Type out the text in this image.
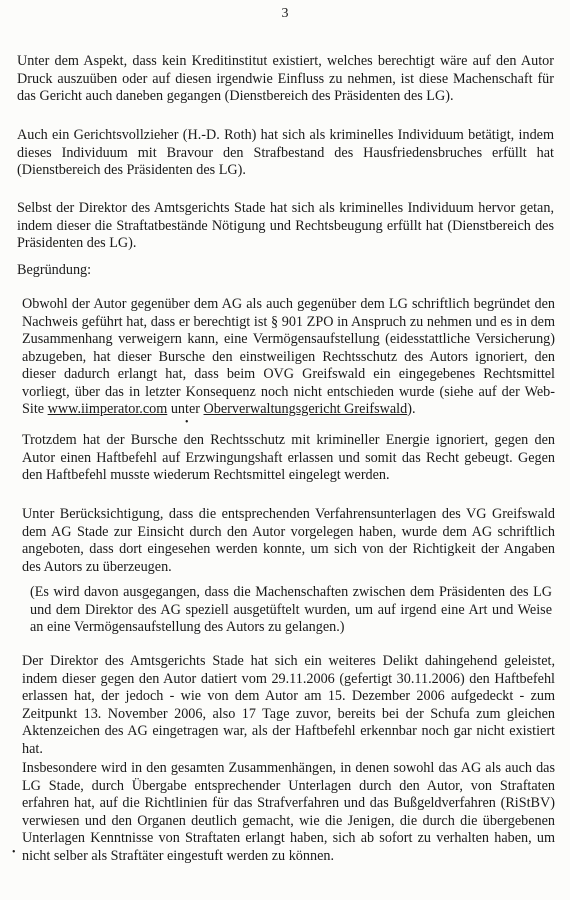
3

Unter dem Aspekt, dass kein Kreditinstitut existiert, welches berechtigt wäre auf den Autor Druck auszuüben oder auf diesen irgendwie Einfluss zu nehmen, ist diese Machenschaft für das Gericht auch daneben gegangen (Dienstbereich des Präsidenten des LG).

Auch ein Gerichtsvollzieher (H.-D. Roth) hat sich als kriminelles Individuum betätigt, indem dieses Individuum mit Bravour den Strafbestand des Hausfriedensbruches erfüllt hat (Dienstbereich des Präsidenten des LG).

Selbst der Direktor des Amtsgerichts Stade hat sich als kriminelles Individuum hervor getan, indem dieser die Straftatbestände Nötigung und Rechtsbeugung erfüllt hat (Dienstbereich des Präsidenten des LG).

Begründung:

Obwohl der Autor gegenüber dem AG als auch gegenüber dem LG schriftlich begründet den Nachweis geführt hat, dass er berechtigt ist § 901 ZPO in Anspruch zu nehmen und es in dem Zusammenhang verweigern kann, eine Vermögensaufstellung (eidesstattliche Versicherung) abzugeben, hat dieser Bursche den einstweiligen Rechtsschutz des Autors ignoriert, den dieser dadurch erlangt hat, dass beim OVG Greifswald ein eingegebenes Rechtsmittel vorliegt, über das in letzter Konsequenz noch nicht entschieden wurde (siehe auf der Web-Site www.iimperator.com unter Oberverwaltungsgericht Greifswald).

•

Trotzdem hat der Bursche den Rechtsschutz mit krimineller Energie ignoriert, gegen den Autor einen Haftbefehl auf Erzwingungshaft erlassen und somit das Recht gebeugt. Gegen den Haftbefehl musste wiederum Rechtsmittel eingelegt werden.

Unter Berücksichtigung, dass die entsprechenden Verfahrensunterlagen des VG Greifswald dem AG Stade zur Einsicht durch den Autor vorgelegen haben, wurde dem AG schriftlich angeboten, dass dort eingesehen werden konnte, um sich von der Richtigkeit der Angaben des Autors zu überzeugen.

(Es wird davon ausgegangen, dass die Machenschaften zwischen dem Präsidenten des LG und dem Direktor des AG speziell ausgetüftelt wurden, um auf irgend eine Art und Weise an eine Vermögensaufstellung des Autors zu gelangen.)

Der Direktor des Amtsgerichts Stade hat sich ein weiteres Delikt dahingehend geleistet, indem dieser gegen den Autor datiert vom 29.11.2006 (gefertigt 30.11.2006) den Haftbefehl erlassen hat, der jedoch - wie von dem Autor am 15. Dezember 2006 aufgedeckt - zum Zeitpunkt 13. November 2006, also 17 Tage zuvor, bereits bei der Schufa zum gleichen Aktenzeichen des AG eingetragen war, als der Haftbefehl erkennbar noch gar nicht existiert hat.

Insbesondere wird in den gesamten Zusammenhängen, in denen sowohl das AG als auch das LG Stade, durch Übergabe entsprechender Unterlagen durch den Autor, von Straftaten erfahren hat, auf die Richtlinien für das Strafverfahren und das Bußgeldverfahren (RiStBV) verwiesen und den Organen deutlich gemacht, wie die Jenigen, die durch die übergebenen Unterlagen Kenntnisse von Straftaten erlangt haben, sich ab sofort zu verhalten haben, um nicht selber als Straftäter eingestuft werden zu können.

•
